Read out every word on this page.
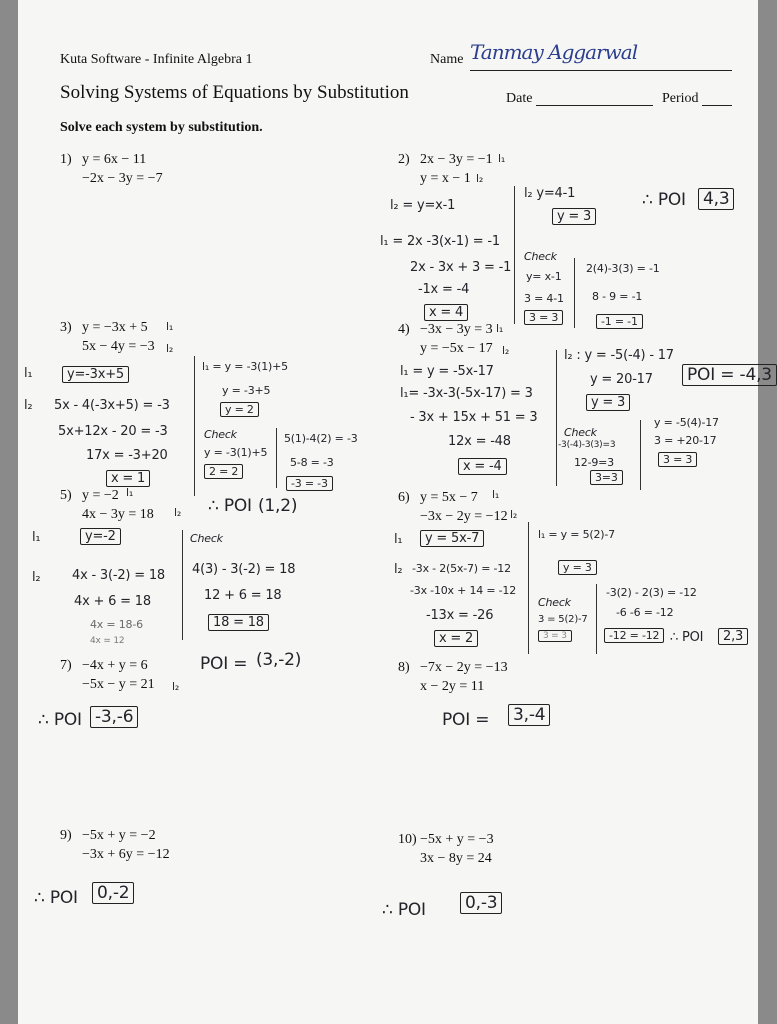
Kuta Software - Infinite Algebra 1
Solving Systems of Equations by Substitution
Solve each system by substitution.
Name Tanmay Aggarwal
Date	Period
1) y = 6x − 11
−2x − 3y = −7
2) 2x − 3y = −1
y = x − 1
3) y = −3x + 5
5x − 4y = −3
4) −3x − 3y = 3
y = −5x − 17
5) y = −2
4x − 3y = 18
6) y = 5x − 7
−3x − 2y = −12
7) −4x + y = 6
−5x − y = 21
8) −7x − 2y = −13
x − 2y = 11
9) −5x + y = −2
−3x + 6y = −12
10) −5x + y = −3
3x − 8y = 24
l₁
l₂
l₂ = y=x-1
l₁ = 2x -3(x-1) = -1
2x - 3x + 3 = -1
-1x = -4
x = 4
l₂ y=4-1
y = 3
Check
y= x-1
3 = 4-1
3 = 3
2(4)-3(3) = -1
8 - 9 = -1
-1 = -1
∴ POI 4,3
l₁
l₂
l₁
l₂
y=-3x+5
5x - 4(-3x+5) = -3
5x+12x - 20 = -3
17x = -3+20
x = 1
l₁ = y = -3(1)+5
y = -3+5
y = 2
Check
y = -3(1)+5
2 = 2
5(1)-4(2) = -3
5-8 = -3
-3 = -3
∴ POI (1,2)
l₁
l₂
l₁ = y = -5x-17
l₁= -3x-3(-5x-17) = 3
- 3x + 15x + 51 = 3
12x = -48
x = -4
l₂ : y = -5(-4) - 17
y = 20-17
y = 3
Check
-3(-4)-3(3)=3
12-9=3
3=3
y = -5(4)-17
3 = +20-17
3 = 3
POI = -4,3
l₁
l₂
l₁
l₂
y=-2
4x - 3(-2) = 18
4x + 6 = 18
4x = 18-6
4x = 12
Check
4(3) - 3(-2) = 18
12 + 6 = 18
18 = 18
POI = (3,-2)
l₁
l₂
l₁
l₂
y = 5x-7
-3x - 2(5x-7) = -12
-3x -10x + 14 = -12
-13x = -26
x = 2
l₁ = y = 5(2)-7
y = 3
Check
3 = 5(2)-7
3 = 3
-3(2) - 2(3) = -12
-6 -6 = -12
-12 = -12 ∴ POI	2,3
l₂
∴ POI -3,-6	POI = 3,-4
∴ POI 0,-2
∴ POI 0,-3
